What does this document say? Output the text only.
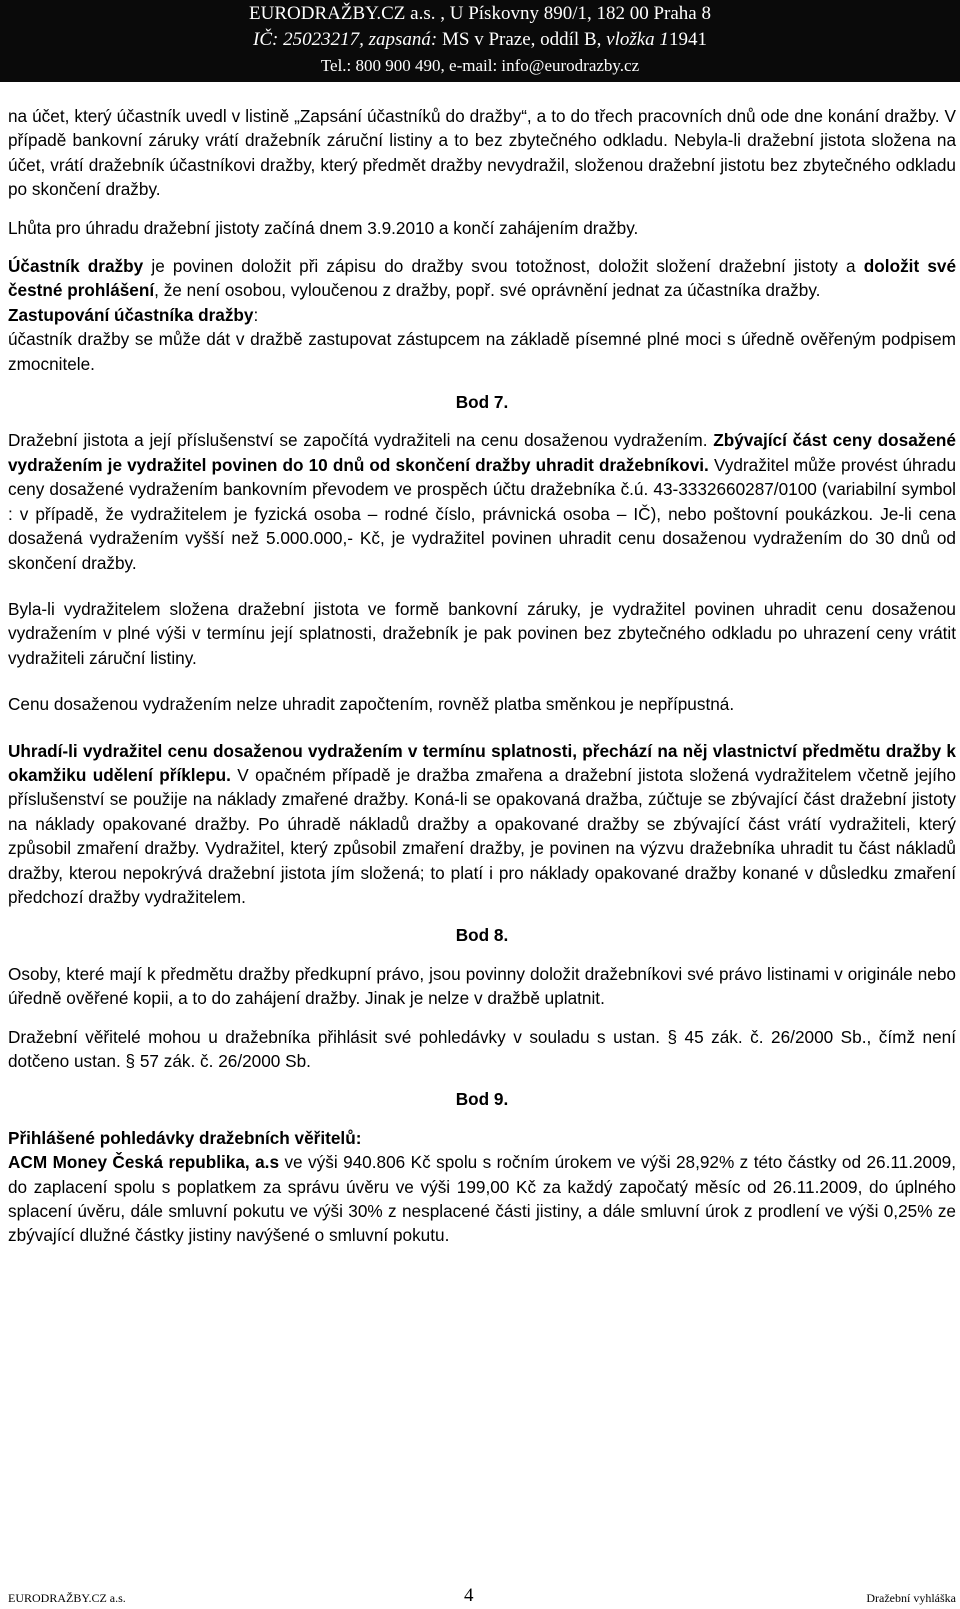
EURODRAŽBY.CZ a.s. , U Pískovny 890/1, 182 00 Praha 8
IČ: 25023217, zapsaná: MS v Praze, oddíl B, vložka 11941
Tel.: 800 900 490, e-mail: info@eurodrazby.cz

na účet, který účastník uvedl v listině „Zapsání účastníků do dražby“, a to do třech pracovních dnů ode dne konání dražby. V případě bankovní záruky vrátí dražebník záruční listiny a to bez zbytečného odkladu. Nebyla-li dražební jistota složena na účet, vrátí dražebník účastníkovi dražby, který předmět dražby nevydražil, složenou dražební jistotu bez zbytečného odkladu po skončení dražby.

Lhůta pro úhradu dražební jistoty začíná dnem 3.9.2010 a končí zahájením dražby.

Účastník dražby je povinen doložit při zápisu do dražby svou totožnost, doložit složení dražební jistoty a doložit své čestné prohlášení, že není osobou, vyloučenou z dražby, popř. své oprávnění jednat za účastníka dražby.

Zastupování účastníka dražby:

účastník dražby se může dát v dražbě zastupovat zástupcem na základě písemné plné moci s úředně ověřeným podpisem zmocnitele.

Bod 7.

Dražební jistota a její příslušenství se započítá vydražiteli na cenu dosaženou vydražením. Zbývající část ceny dosažené vydražením je vydražitel povinen do 10 dnů od skončení dražby uhradit dražebníkovi. Vydražitel může provést úhradu ceny dosažené vydražením bankovním převodem ve prospěch účtu dražebníka č.ú. 43-3332660287/0100 (variabilní symbol : v případě, že vydražitelem je fyzická osoba – rodné číslo, právnická osoba – IČ), nebo poštovní poukázkou. Je-li cena dosažená vydražením vyšší než 5.000.000,- Kč, je vydražitel povinen uhradit cenu dosaženou vydražením do 30 dnů od skončení dražby.

Byla-li vydražitelem složena dražební jistota ve formě bankovní záruky, je vydražitel povinen uhradit cenu dosaženou vydražením v plné výši v termínu její splatnosti, dražebník je pak povinen bez zbytečného odkladu po uhrazení ceny vrátit vydražiteli záruční listiny.

Cenu dosaženou vydražením nelze uhradit započtením, rovněž platba směnkou je nepřípustná.

Uhradí-li vydražitel cenu dosaženou vydražením v termínu splatnosti, přechází na něj vlastnictví předmětu dražby k okamžiku udělení příklepu. V opačném případě je dražba zmařena a dražební jistota složená vydražitelem včetně jejího příslušenství se použije na náklady zmařené dražby. Koná-li se opakovaná dražba, zúčtuje se zbývající část dražební jistoty na náklady opakované dražby. Po úhradě nákladů dražby a opakované dražby se zbývající část vrátí vydražiteli, který způsobil zmaření dražby. Vydražitel, který způsobil zmaření dražby, je povinen na výzvu dražebníka uhradit tu část nákladů dražby, kterou nepokrývá dražební jistota jím složená; to platí i pro náklady opakované dražby konané v důsledku zmaření předchozí dražby vydražitelem.

Bod 8.

Osoby, které mají k předmětu dražby předkupní právo, jsou povinny doložit dražebníkovi své právo listinami v originále nebo úředně ověřené kopii, a to do zahájení dražby. Jinak je nelze v dražbě uplatnit.

Dražební věřitelé mohou u dražebníka přihlásit své pohledávky v souladu s ustan. § 45 zák. č. 26/2000 Sb., čímž není dotčeno ustan. § 57 zák. č. 26/2000 Sb.

Bod 9.

Přihlášené pohledávky dražebních věřitelů:

ACM Money Česká republika, a.s ve výši 940.806 Kč spolu s ročním úrokem ve výši 28,92% z této částky od 26.11.2009, do zaplacení spolu s poplatkem za správu úvěru ve výši 199,00 Kč za každý započatý měsíc od 26.11.2009, do úplného splacení úvěru, dále smluvní pokutu ve výši 30% z nesplacené části jistiny, a dále smluvní úrok z prodlení ve výši 0,25% ze zbývající dlužné částky jistiny navýšené o smluvní pokutu.

EURODRAŽBY.CZ a.s.	4	Dražební vyhláška
